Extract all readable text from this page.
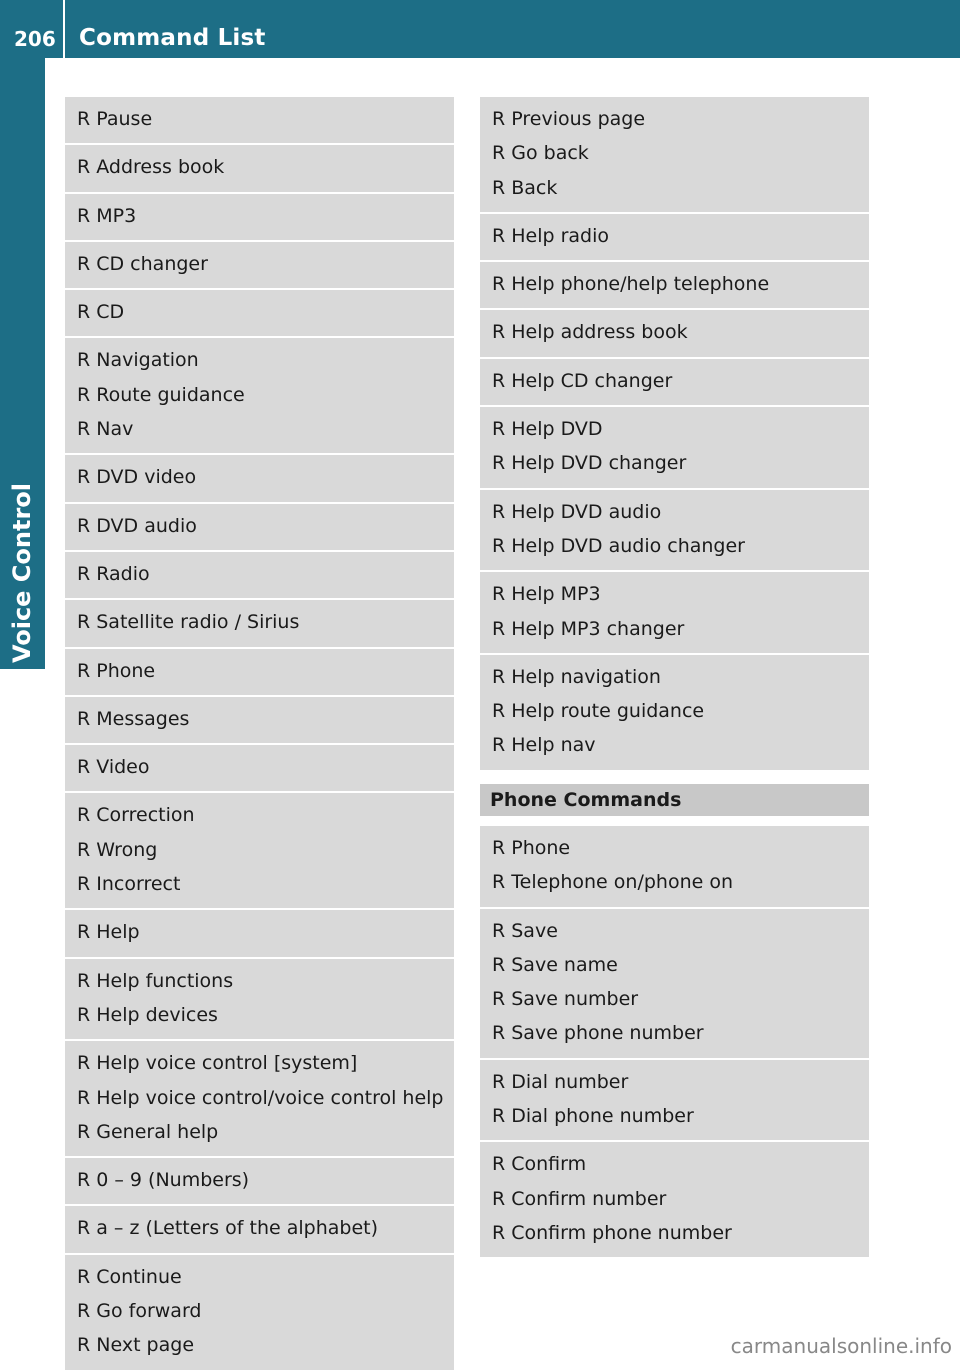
206 Command List
Voice Control
R Pause
R Address book
R MP3
R CD changer
R CD
R Navigation
R Route guidance
R Nav
R DVD video
R DVD audio
R Radio
R Satellite radio / Sirius
R Phone
R Messages
R Video
R Correction
R Wrong
R Incorrect
R Help
R Help functions
R Help devices
R Help voice control [system]
R Help voice control/voice control help
R General help
R 0 – 9 (Numbers)
R a – z (Letters of the alphabet)
R Continue
R Go forward
R Next page
R Previous page
R Go back
R Back
R Help radio
R Help phone/help telephone
R Help address book
R Help CD changer
R Help DVD
R Help DVD changer
R Help DVD audio
R Help DVD audio changer
R Help MP3
R Help MP3 changer
R Help navigation
R Help route guidance
R Help nav
Phone Commands
R Phone
R Telephone on/phone on
R Save
R Save name
R Save number
R Save phone number
R Dial number
R Dial phone number
R Confirm
R Confirm number
R Confirm phone number
carmanualsonline.info
